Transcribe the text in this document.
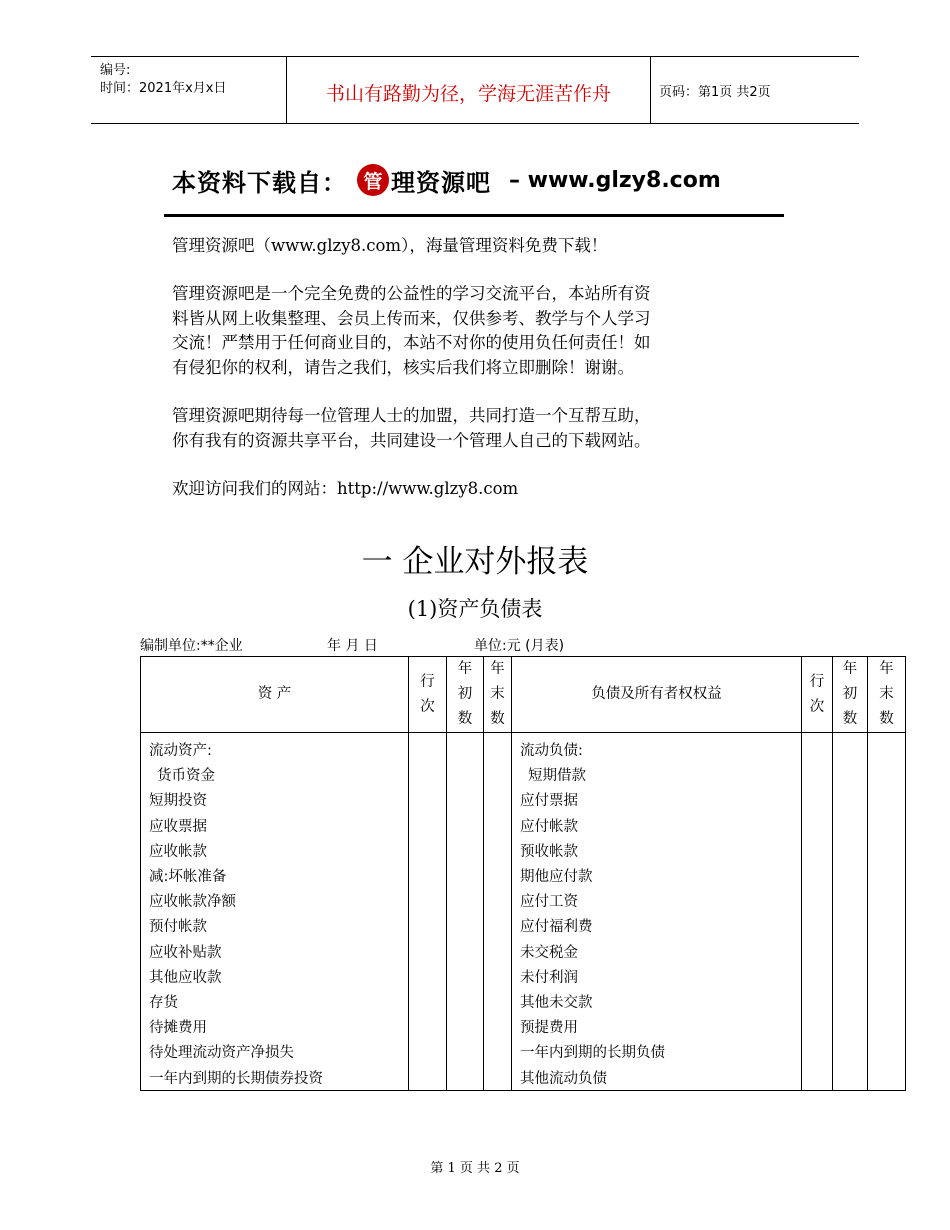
编号:
时间：2021年x月x日	书山有路勤为径，学海无涯苦作舟	页码：第1页 共2页
本资料下载自： 管 理资源吧 – www.glzy8.com
管理资源吧（www.glzy8.com），海量管理资料免费下载！

管理资源吧是一个完全免费的公益性的学习交流平台，本站所有资

料皆从网上收集整理、会员上传而来，仅供参考、教学与个人学习

交流！严禁用于任何商业目的，本站不对你的使用负任何责任！如

有侵犯你的权利，请告之我们，核实后我们将立即删除！谢谢。

管理资源吧期待每一位管理人士的加盟，共同打造一个互帮互助，

你有我有的资源共享平台，共同建设一个管理人自己的下载网站。

欢迎访问我们的网站：http://www.glzy8.com
一 企业对外报表
(1)资产负债表
编制单位:**企业	年 月 日	单位:元 (月表)
资 产	行次	年初数	年末数	负债及所有者权权益	行次	年初数	年末数
流动资产:				流动负债:			
货币资金				短期借款			
短期投资				应付票据			
应收票据				应付帐款			
应收帐款				预收帐款			
减:坏帐准备				期他应付款			
应收帐款净额				应付工资			
预付帐款				应付福利费			
应收补贴款				未交税金			
其他应收款				未付利润			
存货				其他未交款			
待摊费用				预提费用			
待处理流动资产净损失				一年内到期的长期负债			
一年内到期的长期债券投资				其他流动负债			
第 1 页 共 2 页
